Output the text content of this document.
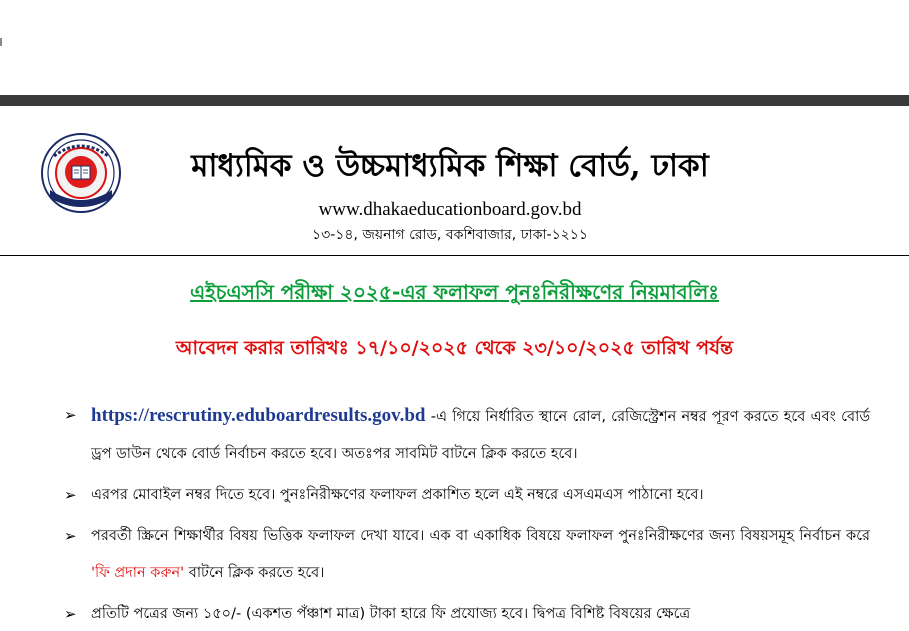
মাধ্যমিক ও উচ্চমাধ্যমিক শিক্ষা বোর্ড, ঢাকা
www.dhakaeducationboard.gov.bd
১৩-১৪, জয়নাগ রোড, বকশিবাজার, ঢাকা-১২১১
এইচএসসি পরীক্ষা ২০২৫-এর ফলাফল পুনঃনিরীক্ষণের নিয়মাবলিঃ
আবেদন করার তারিখঃ ১৭/১০/২০২৫ থেকে ২৩/১০/২০২৫ তারিখ পর্যন্ত
➢ https://rescrutiny.eduboardresults.gov.bd -এ গিয়ে নির্ধারিত স্থানে রোল, রেজিস্ট্রেশন নম্বর পূরণ করতে হবে এবং বোর্ড ড্রপ ডাউন থেকে বোর্ড নির্বাচন করতে হবে। অতঃপর সাবমিট বাটনে ক্লিক করতে হবে।
➢ এরপর মোবাইল নম্বর দিতে হবে। পুনঃনিরীক্ষণের ফলাফল প্রকাশিত হলে এই নম্বরে এসএমএস পাঠানো হবে।
➢ পরবর্তী স্ক্রিনে শিক্ষার্থীর বিষয় ভিত্তিক ফলাফল দেখা যাবে। এক বা একাধিক বিষয়ে ফলাফল পুনঃনিরীক্ষণের জন্য বিষয়সমূহ নির্বাচন করে 'ফি প্রদান করুন' বাটনে ক্লিক করতে হবে।
➢ প্রতিটি পত্রের জন্য ১৫০/- (একশত পঁঞ্চাশ মাত্র) টাকা হারে ফি প্রযোজ্য হবে। দ্বিপত্র বিশিষ্ট বিষয়ের ক্ষেত্রে
